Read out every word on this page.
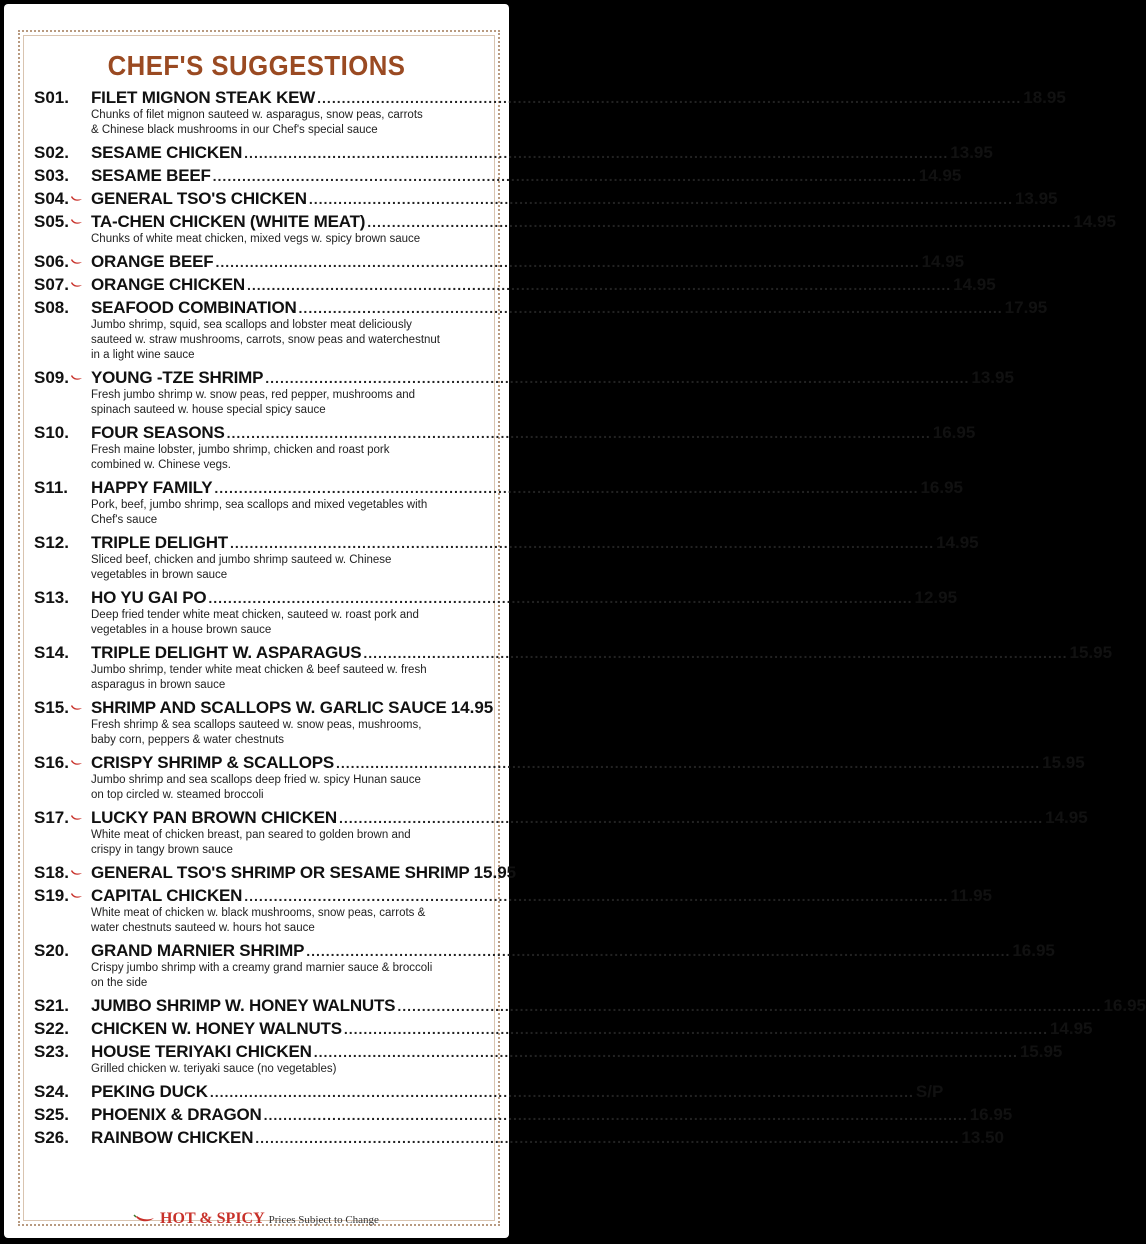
CHEF'S SUGGESTIONS
S01. FILET MIGNON STEAK KEW .....	18.95
Chunks of filet mignon sauteed w. asparagus, snow peas, carrots
& Chinese black mushrooms in our Chef's special sauce
S02. SESAME CHICKEN .....	13.95
S03. SESAME BEEF .....	14.95
S04. GENERAL TSO'S CHICKEN .....	13.95
S05. TA-CHEN CHICKEN (WHITE MEAT) .....	14.95
Chunks of white meat chicken, mixed vegs w. spicy brown sauce
S06. ORANGE BEEF .....	14.95
S07. ORANGE CHICKEN .....	14.95
S08. SEAFOOD COMBINATION .....	17.95
Jumbo shrimp, squid, sea scallops and lobster meat deliciously
sauteed w. straw mushrooms, carrots, snow peas and waterchestnut
in a light wine sauce
S09. YOUNG -TZE SHRIMP .....	13.95
Fresh jumbo shrimp w. snow peas, red pepper, mushrooms and
spinach sauteed w. house special spicy sauce
S10. FOUR SEASONS .....	16.95
Fresh maine lobster, jumbo shrimp, chicken and roast pork
combined w. Chinese vegs.
S11.	HAPPY FAMILY .....	16.95
Pork, beef, jumbo shrimp, sea scallops and mixed vegetables with
Chef's sauce
S12. TRIPLE DELIGHT .....	14.95
Sliced beef, chicken and jumbo shrimp sauteed w. Chinese
vegetables in brown sauce
S13. HO YU GAI PO .....	12.95
Deep fried tender white meat chicken, sauteed w. roast pork and
vegetables in a house brown sauce
S14. TRIPLE DELIGHT W. ASPARAGUS .....	15.95
Jumbo shrimp, tender white meat chicken & beef sauteed w. fresh
asparagus in brown sauce
S15. SHRIMP AND SCALLOPS W. GARLIC SAUCE 14.95
Fresh shrimp & sea scallops sauteed w. snow peas, mushrooms,
baby corn, peppers & water chestnuts
S16. CRISPY SHRIMP & SCALLOPS .....	15.95
Jumbo shrimp and sea scallops deep fried w. spicy Hunan sauce
on top circled w. steamed broccoli
S17. LUCKY PAN BROWN CHICKEN .....	14.95
White meat of chicken breast, pan seared to golden brown and
crispy in tangy brown sauce
S18. GENERAL TSO'S SHRIMP OR SESAME SHRIMP 15.95
S19. CAPITAL CHICKEN .....	11.95
White meat of chicken w. black mushrooms, snow peas, carrots &
water chestnuts sauteed w. hours hot sauce
S20. GRAND MARNIER SHRIMP .....	16.95
Crispy jumbo shrimp with a creamy grand marnier sauce & broccoli
on the side
S21. JUMBO SHRIMP W. HONEY WALNUTS .....	16.95
S22. CHICKEN W. HONEY WALNUTS .....	14.95
S23. HOUSE TERIYAKI CHICKEN .....	15.95
Grilled chicken w. teriyaki sauce (no vegetables)
S24. PEKING DUCK .....	S/P
S25. PHOENIX & DRAGON .....	16.95
S26. RAINBOW CHICKEN .....	13.50
HOT & SPICY Prices Subject to Change
